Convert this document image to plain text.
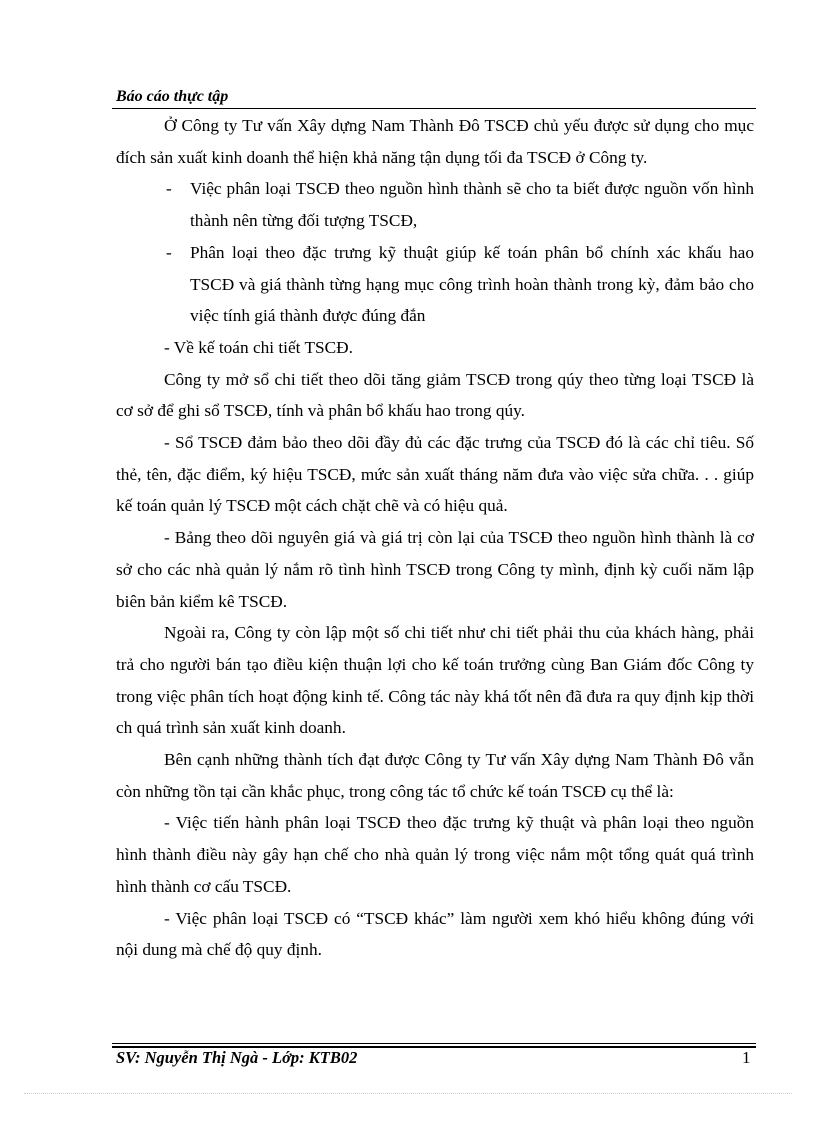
Báo cáo thực tập

Ở Công ty Tư vấn Xây dựng Nam Thành Đô TSCĐ chủ yếu được sử dụng cho mục đích sản xuất kinh doanh thể hiện khả năng tận dụng tối đa TSCĐ ở Công ty.

- Việc phân loại TSCĐ theo nguồn hình thành sẽ cho ta biết được nguồn vốn hình thành nên từng đối tượng TSCĐ,

- Phân loại theo đặc trưng kỹ thuật giúp kế toán phân bổ chính xác khấu hao TSCĐ và giá thành từng hạng mục công trình hoàn thành trong kỳ, đảm bảo cho việc tính giá thành được đúng đắn

- Về kế toán chi tiết TSCĐ.

Công ty mở sổ chi tiết theo dõi tăng giảm TSCĐ trong qúy theo từng loại TSCĐ là cơ sở để ghi sổ TSCĐ, tính và phân bổ khấu hao trong qúy.

- Sổ TSCĐ đảm bảo theo dõi đầy đủ các đặc trưng của TSCĐ đó là các chỉ tiêu. Số thẻ, tên, đặc điểm, ký hiệu TSCĐ, mức sản xuất tháng năm đưa vào việc sửa chữa. . . giúp kế toán quản lý TSCĐ một cách chặt chẽ và có hiệu quả.

- Bảng theo dõi nguyên giá và giá trị còn lại của TSCĐ theo nguồn hình thành là cơ sở cho các nhà quản lý nắm rõ tình hình TSCĐ trong Công ty mình, định kỳ cuối năm lập biên bản kiểm kê TSCĐ.

Ngoài ra, Công ty còn lập một số chi tiết như chi tiết phải thu của khách hàng, phải trả cho người bán tạo điều kiện thuận lợi cho kế toán trưởng cùng Ban Giám đốc Công ty trong việc phân tích hoạt động kinh tế. Công tác này khá tốt nên đã đưa ra quy định kịp thời ch quá trình sản xuất kinh doanh.

Bên cạnh những thành tích đạt được Công ty Tư vấn Xây dựng Nam Thành Đô vẫn còn những tồn tại cần khắc phục, trong công tác tổ chức kế toán TSCĐ cụ thể là:

- Việc tiến hành phân loại TSCĐ theo đặc trưng kỹ thuật và phân loại theo nguồn hình thành điều này gây hạn chế cho nhà quản lý trong việc nắm một tổng quát quá trình hình thành cơ cấu TSCĐ.

- Việc phân loại TSCĐ có “TSCĐ khác” làm người xem khó hiểu không đúng với nội dung mà chế độ quy định.

SV: Nguyễn Thị Ngà - Lớp: KTB02	1
